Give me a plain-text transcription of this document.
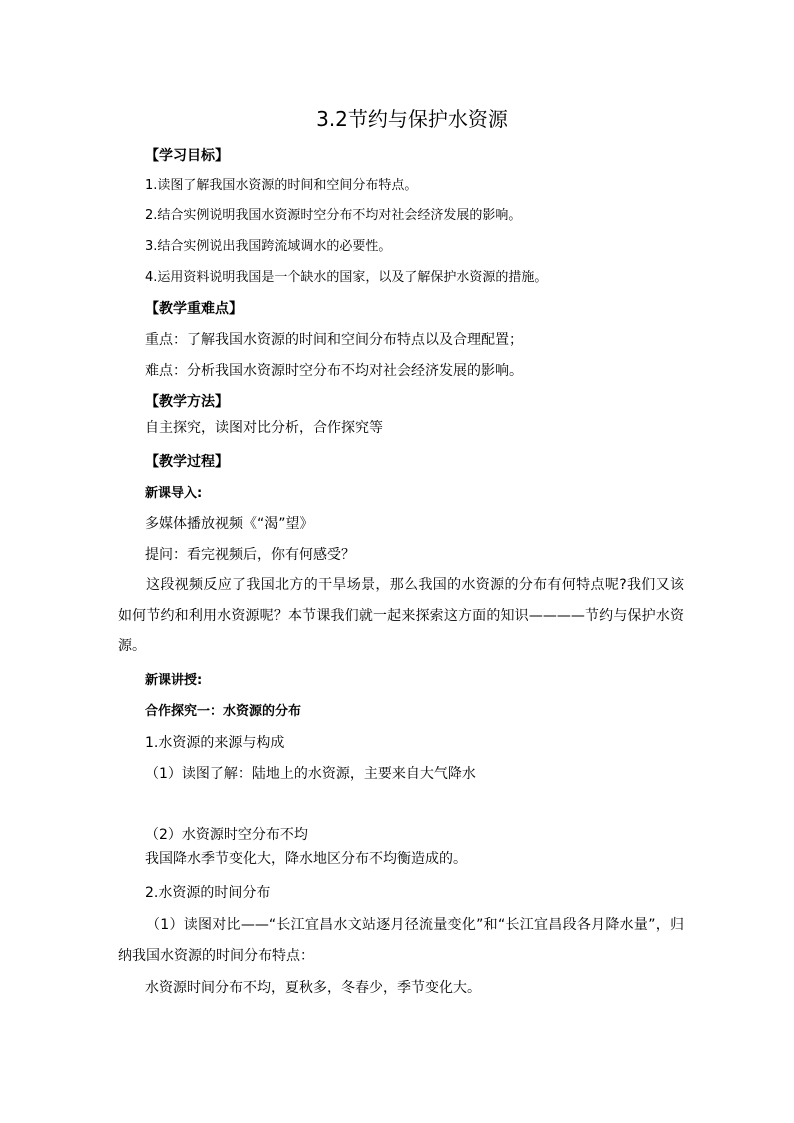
3.2节约与保护水资源
【学习目标】
1.读图了解我国水资源的时间和空间分布特点。
2.结合实例说明我国水资源时空分布不均对社会经济发展的影响。
3.结合实例说出我国跨流域调水的必要性。
4.运用资料说明我国是一个缺水的国家，以及了解保护水资源的措施。
【教学重难点】
重点：了解我国水资源的时间和空间分布特点以及合理配置；
难点：分析我国水资源时空分布不均对社会经济发展的影响。
【教学方法】
自主探究，读图对比分析，合作探究等
【教学过程】
新课导入:
多媒体播放视频《“渴”望》
提问：看完视频后，你有何感受？
这段视频反应了我国北方的干旱场景，那么我国的水资源的分布有何特点呢?我们又该如何节约和利用水资源呢？本节课我们就一起来探索这方面的知识————节约与保护水资源。
新课讲授:
合作探究一：水资源的分布
1.水资源的来源与构成
（1）读图了解：陆地上的水资源，主要来自大气降水
（2）水资源时空分布不均
我国降水季节变化大，降水地区分布不均衡造成的。
2.水资源的时间分布
（1）读图对比——“长江宜昌水文站逐月径流量变化”和“长江宜昌段各月降水量”，归纳我国水资源的时间分布特点：
水资源时间分布不均，夏秋多，冬春少，季节变化大。
